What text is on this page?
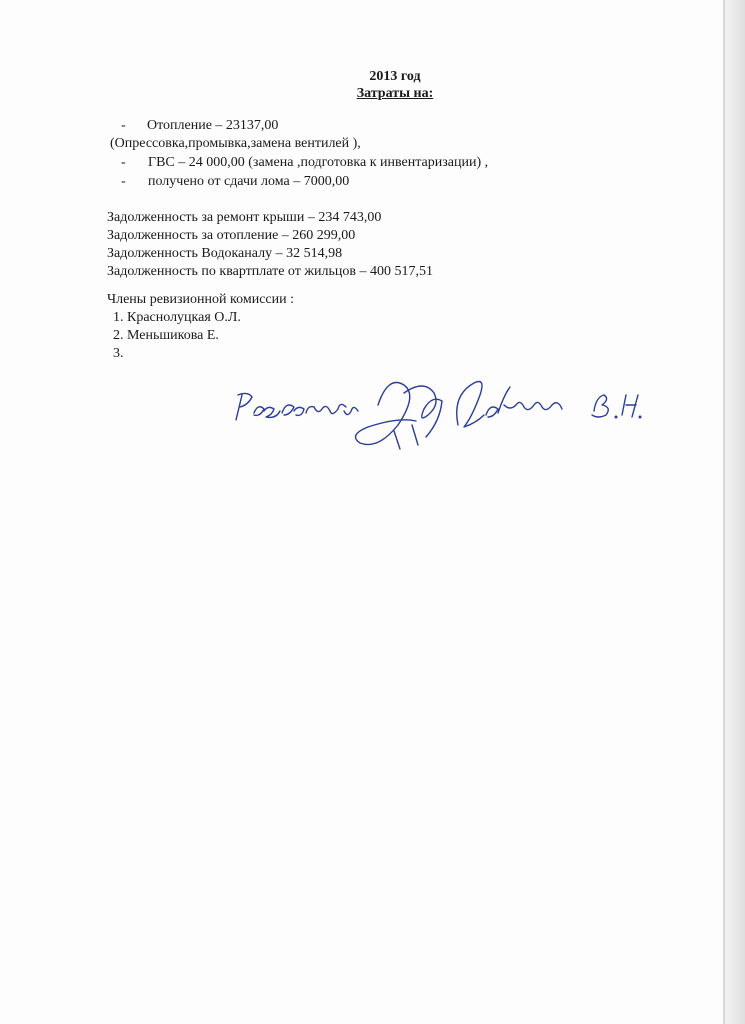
2013 год
Затраты на:
- Отопление – 23137,00
(Опрессовка,промывка,замена вентилей ),
- ГВС – 24 000,00 (замена ,подготовка к инвентаризации) ,
- получено от сдачи лома – 7000,00
Задолженность за ремонт крыши – 234 743,00
Задолженность за отопление – 260 299,00
Задолженность Водоканалу – 32 514,98
Задолженность по квартплате от жильцов – 400 517,51
Члены ревизионной комиссии :
1. Краснолуцкая О.Л.
2. Меньшикова Е.
3.
